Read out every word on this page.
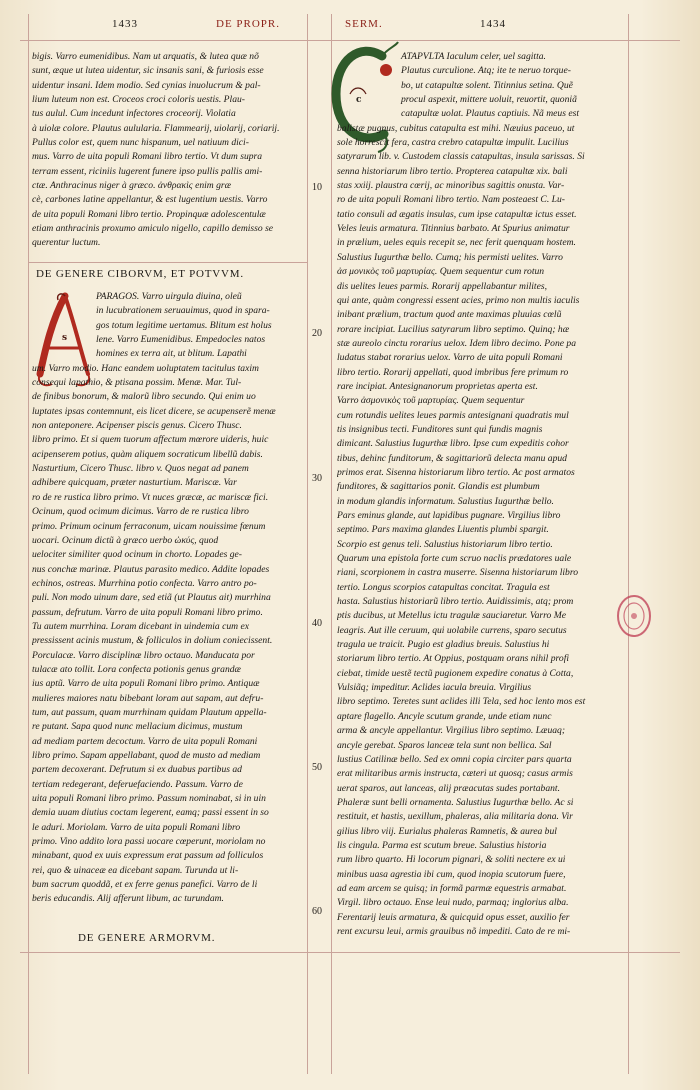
1433	DE PROPR.	SERM.	1434
bigis. Varro eumenidibus. Nam ut arquatis, & lutea quæ nõ
sunt, æque ut lutea uidentur, sic insanis sani, & furiosis esse
uidentur insani. Idem modio. Sed cynias inuolucrum & pal-
lium luteum non est. Croceos croci coloris uestis. Plau-
tus aulul. Cum incedunt infectores croceorij. Violatia
à uiolæ colore. Plautus aulularia. Flammearij, uiolarij, coriarij.
Pullus color est, quem nunc hispanum, uel natiuum dici-
mus. Varro de uita populi Romani libro tertio. Vt dum supra
terram essent, riciniis lugerent funere ipso pullis pallis ami-
ctæ. Anthracinus niger à græco. ἀνθρακὶς enim græ
cè, carbones latine appellantur, & est lugentium uestis. Varro
de uita populi Romani libro tertio. Propinquæ adolescentulæ
etiam anthracinis proxumo amiculo nigello, capillo demisso se
querentur luctum.
DE GENERE CIBORVM, ET POTVVM.
s
PARAGOS. Varro uirgula diuina, oleũ
in lucubrationem seruauimus, quod in spara-
gos totum legitime uertamus. Blitum est holus
lene. Varro Eumenidibus. Empedocles natos
homines ex terra ait, ut blitum. Lapathi
um. Varro modio. Hanc eandem uoluptatem tacitulus taxim
consequi lapathio, & ptisana possim. Menæ. Mar. Tul-
de finibus bonorum, & malorũ libro secundo. Qui enim uo
luptates ipsas contemnunt, eis licet dicere, se acupenserẽ menæ
non anteponere. Acipenser piscis genus. Cicero Thusc.
libro primo. Et si quem tuorum affectum mœrore uideris, huic
acipenserem potius, quàm aliquem socraticum libellũ dabis.
Nasturtium, Cicero Thusc. libro v. Quos negat ad panem
adhibere quicquam, præter nasturtium. Mariscæ. Var
ro de re rustica libro primo. Vt nuces græcæ, ac mariscæ fici.
Ocinum, quod ocimum dicimus. Varro de re rustica libro
primo. Primum ocinum ferraconum, uicam nouissime fœnum
uocari. Ocinum dictũ à græco uerbo ὠκύς, quod
uelociter similiter quod ocinum in chorto. Lopades ge-
nus conchæ marinæ. Plautus parasito medico. Addite lopades
echinos, ostreas. Murrhina potio confecta. Varro antro po-
puli. Non modo uinum dare, sed etiã (ut Plautus ait) murrhina
passum, defrutum. Varro de uita populi Romani libro primo.
Tu autem murrhina. Loram dicebant in uindemia cum ex
pressissent acinis mustum, & folliculos in dolium coniecissent.
Porculacæ. Varro disciplinæ libro octauo. Manducata por
tulacæ ato tollit. Lora confecta potionis genus grandæ
ius aptũ. Varro de uita populi Romani libro primo. Antiquæ
mulieres maiores natu bibebant loram aut sapam, aut defru-
tum, aut passum, quam murrhinam quidam Plautum appella-
re putant. Sapa quod nunc mellacium dicimus, mustum
ad mediam partem decoctum. Varro de uita populi Romani
libro primo. Sapam appellabant, quod de musto ad mediam
partem decoxerant. Defrutum si ex duabus partibus ad
tertiam redegerant, deferuefaciendo. Passum. Varro de
uita populi Romani libro primo. Passum nominabat, si in uin
demia uuam diutius coctam legerent, eamq; passi essent in so
le aduri. Moriolam. Varro de uita populi Romani libro
primo. Vino addito lora passi uocare cœperunt, moriolam no
minabant, quod ex uuis expressum erat passum ad folliculos
rei, quo & uinaceæ ea dicebant sapam. Turunda ut li-
bum sacrum quoddã, et ex ferre genus panefici. Varro de li
beris educandis. Alij afferunt libum, ac turundam.
DE GENERE ARMORVM.
c
ATAPVLTA Iaculum celer, uel sagitta.
Plautus curculione. Atq; ite te neruo torque-
bo, ut catapultæ solent. Titinnius setina. Quẽ
procul aspexit, mittere uoluit, reuortit, quoniã
catapultæ uolat. Plautus captiuis. Nã meus est
balistæ pugnus, cubitus catapulta est mihi. Næuius paceuo, ut
sole horrescit fera, castra crebro catapultæ impulit. Lucilius
satyrarum lib. v. Custodem classis catapultas, insula sarissas. Si
senna historiarum libro tertio. Propterea catapultæ xix. bali
stas xxiij. plaustra cœrij, ac minoribus sagittis onusta. Var-
ro de uita populi Romani libro tertio. Nam posteaest C. Lu-
tatio consuli ad ægatis insulas, cum ipse catapultæ ictus esset.
Veles leuis armatura. Titinnius barbato. At Spurius animatur
in prælium, ueles equis recepit se, nec ferit quenquam hostem.
Salustius Iugurthæ bello. Cumq; his permisti uelites. Varro
ἀσ μονικὸς τοῦ μαρτυρίας. Quem sequentur cum rotun
dis uelites leues parmis. Rorarij appellabantur milites,
qui ante, quàm congressi essent acies, primo non multis iaculis
inibant prælium, tractum quod ante maximas pluuias cœlũ
rorare incipiat. Lucilius satyrarum libro septimo. Quinq; hæ
stæ aureolo cinctu rorarius uelox. Idem libro decimo. Pone pa
ludatus stabat rorarius uelox. Varro de uita populi Romani
libro tertio. Rorarij appellati, quod imbribus fere primum ro
rare incipiat. Antesignanorum proprietas aperta est.
Varro ἀσμονικὸς τοῦ μαρτυρίας. Quem sequentur
cum rotundis uelites leues parmis antesignani quadratis mul
tis insignibus tecti. Funditores sunt qui fundis magnis
dimicant. Salustius Iugurthæ libro. Ipse cum expeditis cohor
tibus, dehinc funditorum, & sagittariorũ delecta manu apud
primos erat. Sisenna historiarum libro tertio. Ac post armatos
funditores, & sagittarios ponit. Glandis est plumbum
in modum glandis informatum. Salustius Iugurthæ bello.
Pars eminus glande, aut lapidibus pugnare. Virgilius libro
septimo. Pars maxima glandes Liuentis plumbi spargit.
Scorpio est genus teli. Salustius historiarum libro tertio.
Quarum una epistola forte cum scruo naclis prædatores uale
riani, scorpionem in castra muserre. Sisenna historiarum libro
tertio. Longus scorpios catapultas concitat. Tragula est
hasta. Salustius historiarũ libro tertio. Auidissimis, atq; prom
ptis ducibus, ut Metellus ictu tragulæ sauciaretur. Varro Me
leagris. Aut ille ceruum, qui uolabile currens, sparo secutus
tragula ue traicit. Pugio est gladius breuis. Salustius hi
storiarum libro tertio. At Oppius, postquam orans nihil profi
ciebat, timide uestẽ tectũ pugionem expedire conatus à Cotta,
Vulsiãq; impeditur. Aclides iacula breuia. Virgilius
libro septimo. Teretes sunt aclides illi Tela, sed hoc lento mos est
aptare flagello. Ancyle scutum grande, unde etiam nunc
arma & ancyle appellantur. Virgilius libro septimo. Læuaq;
ancyle gerebat. Sparos lanceæ tela sunt non bellica. Sal
lustius Catilinæ bello. Sed ex omni copia circiter pars quarta
erat militaribus armis instructa, cæteri ut quosq; casus armis
uerat sparos, aut lanceas, alij præacutas sudes portabant.
Phaleræ sunt belli ornamenta. Salustius Iugurthæ bello. Ac si
restituit, et hastis, uexillum, phaleras, alia militaria dona. Vir
gilius libro viij. Eurialus phaleras Ramnetis, & aurea bul
lis cingula. Parma est scutum breue. Salustius historia
rum libro quarto. Hi locorum pignari, & soliti nectere ex ui
minibus uasa agrestia ibi cum, quod inopia scutorum fuere,
ad eam arcem se quisq; in formã parmæ equestris armabat.
Virgil. libro octauo. Ense leui nudo, parmaq; inglorius alba.
Ferentarij leuis armatura, & quicquid opus esset, auxilio fer
rent excursu leui, armis grauibus nõ impediti. Cato de re mi-
10
20
30
40
50
60
